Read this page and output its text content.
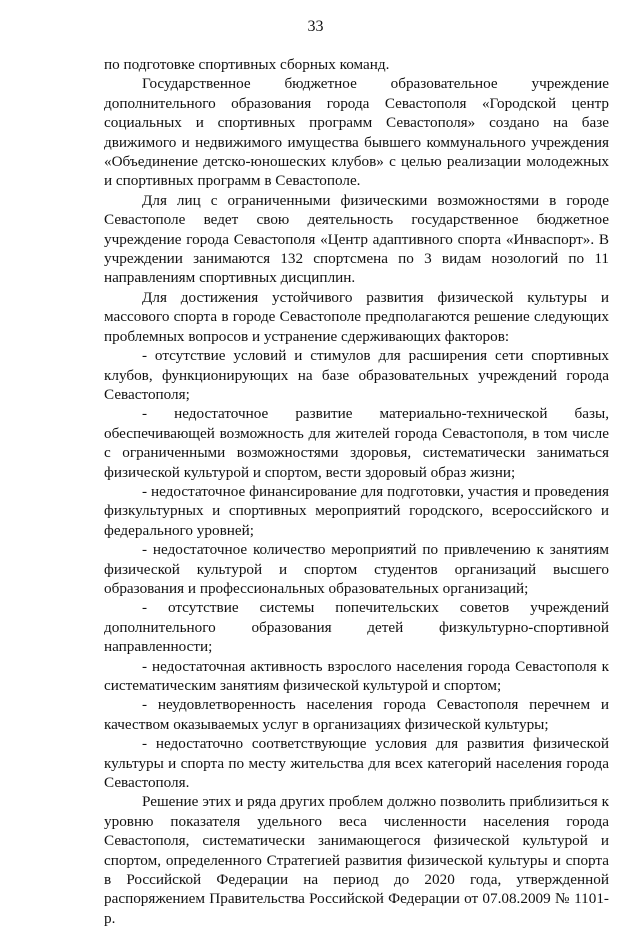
33

по подготовке спортивных сборных команд.

Государственное бюджетное образовательное учреждение дополнительного образования города Севастополя «Городской центр социальных и спортивных программ Севастополя» создано на базе движимого и недвижимого имущества бывшего коммунального учреждения «Объединение детско-юношеских клубов» с целью реализации молодежных и спортивных программ в Севастополе.

Для лиц с ограниченными физическими возможностями в городе Севастополе ведет свою деятельность государственное бюджетное учреждение города Севастополя «Центр адаптивного спорта «Инваспорт». В учреждении занимаются 132 спортсмена по 3 видам нозологий по 11 направлениям спортивных дисциплин.

Для достижения устойчивого развития физической культуры и массового спорта в городе Севастополе предполагаются решение следующих проблемных вопросов и устранение сдерживающих факторов:

- отсутствие условий и стимулов для расширения сети спортивных клубов, функционирующих на базе образовательных учреждений города Севастополя;

- недостаточное развитие материально-технической базы, обеспечивающей возможность для жителей города Севастополя, в том числе с ограниченными возможностями здоровья, систематически заниматься физической культурой и спортом, вести здоровый образ жизни;

- недостаточное финансирование для подготовки, участия и проведения физкультурных и спортивных мероприятий городского, всероссийского и федерального уровней;

- недостаточное количество мероприятий по привлечению к занятиям физической культурой и спортом студентов организаций высшего образования и профессиональных образовательных организаций;

- отсутствие системы попечительских советов учреждений дополнительного образования детей физкультурно-спортивной направленности;

- недостаточная активность взрослого населения города Севастополя к систематическим занятиям физической культурой и спортом;

- неудовлетворенность населения города Севастополя перечнем и качеством оказываемых услуг в организациях физической культуры;

- недостаточно соответствующие условия для развития физической культуры и спорта по месту жительства для всех категорий населения города Севастополя.

Решение этих и ряда других проблем должно позволить приблизиться к уровню показателя удельного веса численности населения города Севастополя, систематически занимающегося физической культурой и спортом, определенного Стратегией развития физической культуры и спорта в Российской Федерации на период до 2020 года, утвержденной распоряжением Правительства Российской Федерации от 07.08.2009 № 1101-р.
